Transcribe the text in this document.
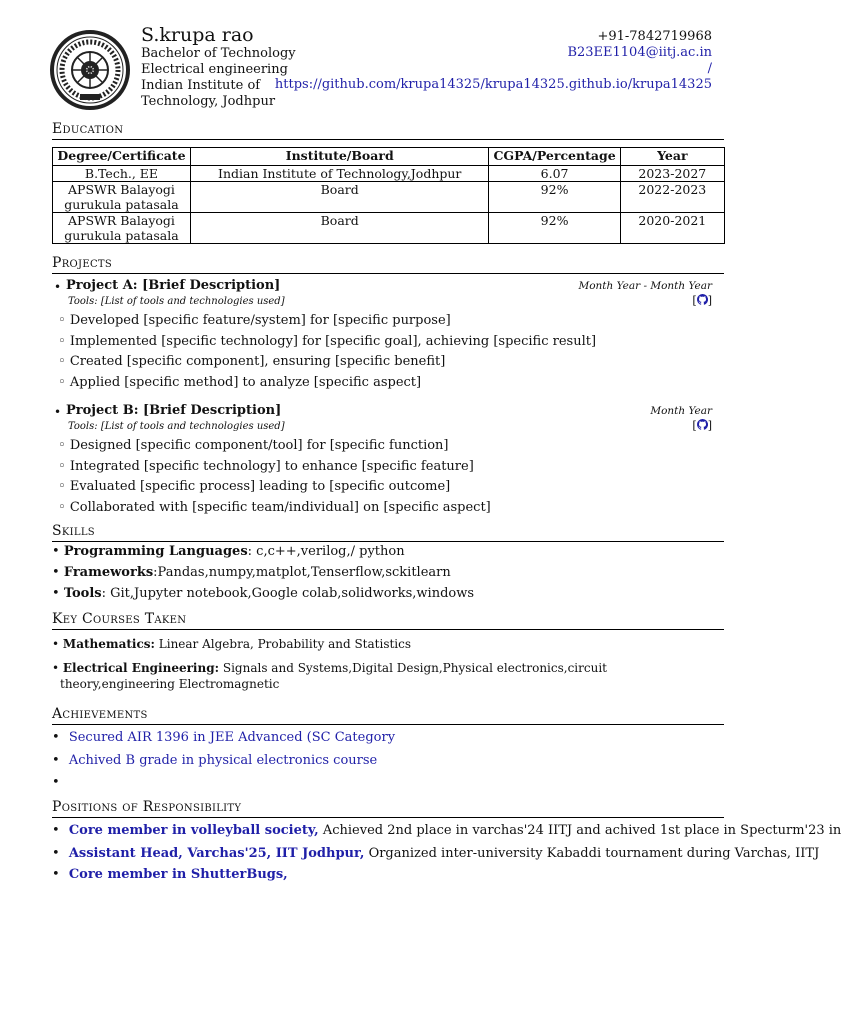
S.krupa rao
Bachelor of Technology
Electrical engineering
Indian Institute of
Technology, Jodhpur
+91-7842719968
B23EE1104@iitj.ac.in
/
https://github.com/krupa14325/krupa14325.github.io/krupa14325
Education
Degree/Certificate	Institute/Board	CGPA/Percentage	Year
B.Tech., EE	Indian Institute of Technology,Jodhpur	6.07	2023-2027
APSWR Balayogi gurukula patasala	Board	92%	2022-2023
APSWR Balayogi gurukula patasala	Board	92%	2020-2021
Projects
• Project A: [Brief Description]	Month Year - Month Year
Tools: [List of tools and technologies used]	[ ]
◦ Developed [specific feature/system] for [specific purpose]
◦ Implemented [specific technology] for [specific goal], achieving [specific result]
◦ Created [specific component], ensuring [specific benefit]
◦ Applied [specific method] to analyze [specific aspect]
• Project B: [Brief Description]	Month Year
Tools: [List of tools and technologies used]	[ ]
◦ Designed [specific component/tool] for [specific function]
◦ Integrated [specific technology] to enhance [specific feature]
◦ Evaluated [specific process] leading to [specific outcome]
◦ Collaborated with [specific team/individual] on [specific aspect]
Skills
• Programming Languages: c,c++,verilog,/ python
• Frameworks:Pandas,numpy,matplot,Tenserflow,sckitlearn
• Tools: Git,Jupyter notebook,Google colab,solidworks,windows
Key Courses Taken
• Mathematics: Linear Algebra, Probability and Statistics
• Electrical Engineering: Signals and Systems,Digital Design,Physical electronics,circuit theory,engineering Electromagnetic
Achievements
• Secured AIR 1396 in JEE Advanced (SC Category
• Achived B grade in physical electronics course
•
Positions of Responsibility
• Core member in volleyball society, Achieved 2nd place in varchas'24 IITJ and achived 1st place in Specturm'23 in
• Assistant Head, Varchas'25, IIT Jodhpur, Organized inter-university Kabaddi tournament during Varchas, IITJ
• Core member in ShutterBugs,
